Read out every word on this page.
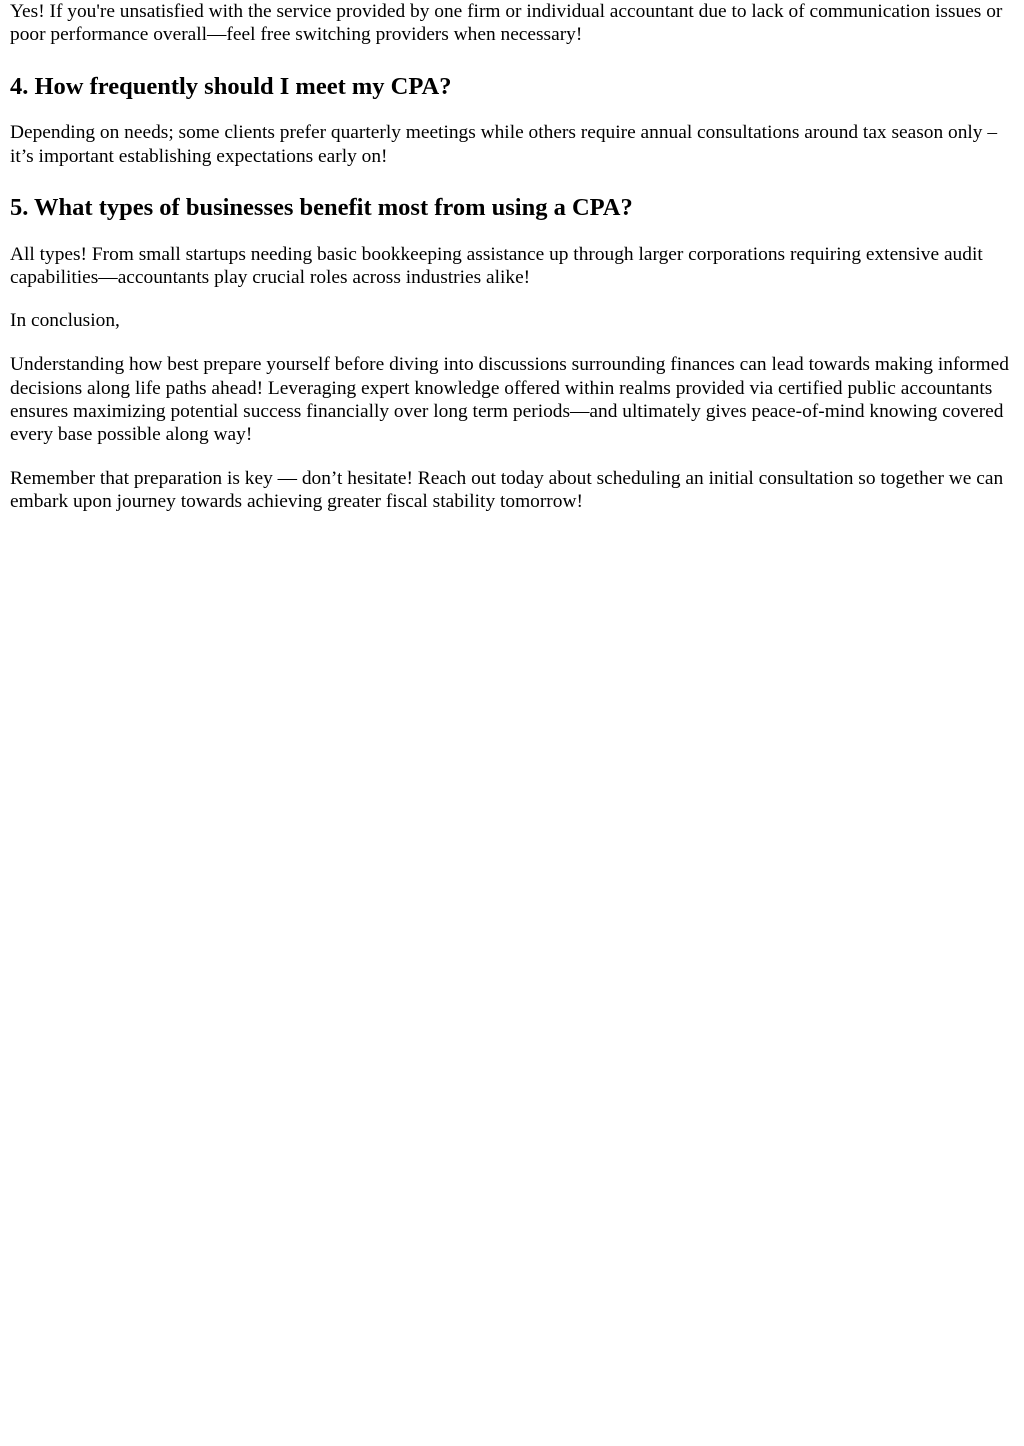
Yes! If you're unsatisfied with the service provided by one firm or individual accountant due to lack of communication issues or poor performance overall—feel free switching providers when necessary!

4. How frequently should I meet my CPA?

Depending on needs; some clients prefer quarterly meetings while others require annual consultations around tax season only – it’s important establishing expectations early on!

5. What types of businesses benefit most from using a CPA?

All types! From small startups needing basic bookkeeping assistance up through larger corporations requiring extensive audit capabilities—accountants play crucial roles across industries alike!

In conclusion,

Understanding how best prepare yourself before diving into discussions surrounding finances can lead towards making informed decisions along life paths ahead! Leveraging expert knowledge offered within realms provided via certified public accountants ensures maximizing potential success financially over long term periods—and ultimately gives peace-of-mind knowing covered every base possible along way!

Remember that preparation is key — don’t hesitate! Reach out today about scheduling an initial consultation so together we can embark upon journey towards achieving greater fiscal stability tomorrow!
